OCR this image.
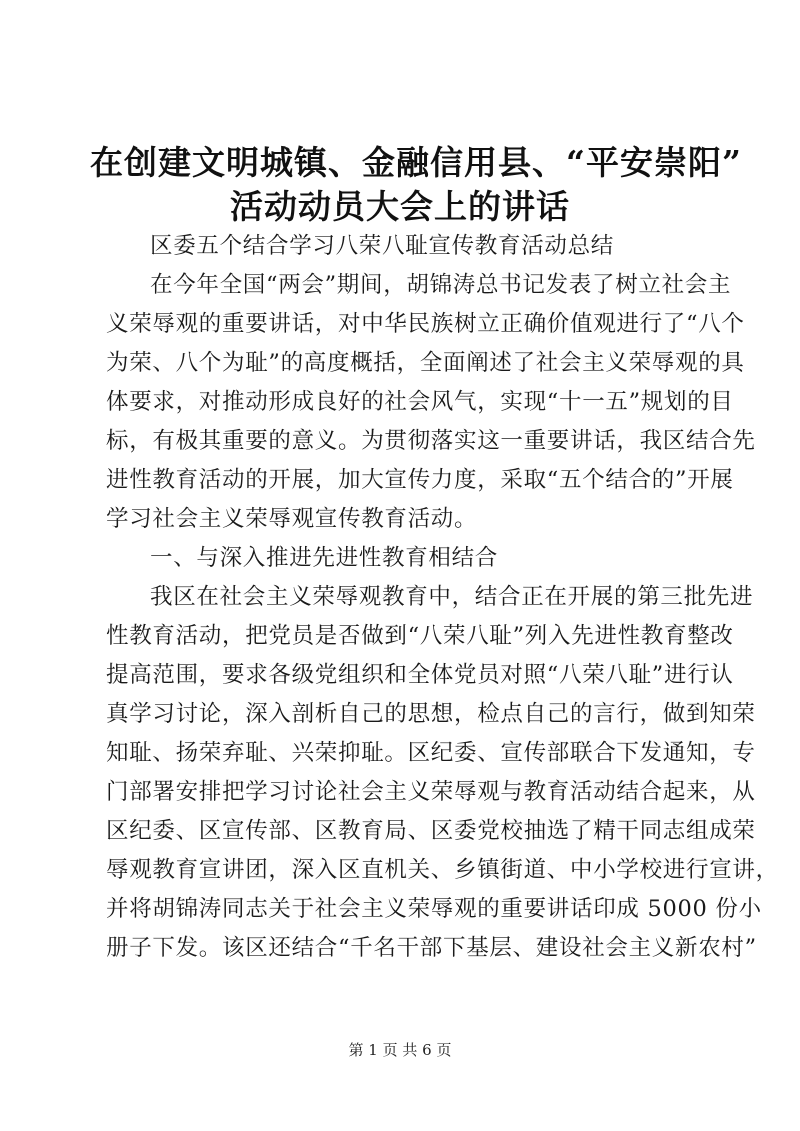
在创建文明城镇、金融信用县、“平安崇阳”
活动动员大会上的讲话
区委五个结合学习八荣八耻宣传教育活动总结
在今年全国“两会”期间，胡锦涛总书记发表了树立社会主
义荣辱观的重要讲话，对中华民族树立正确价值观进行了“八个
为荣、八个为耻”的高度概括，全面阐述了社会主义荣辱观的具
体要求，对推动形成良好的社会风气，实现“十一五”规划的目
标，有极其重要的意义。为贯彻落实这一重要讲话，我区结合先
进性教育活动的开展，加大宣传力度，采取“五个结合的”开展
学习社会主义荣辱观宣传教育活动。
一、与深入推进先进性教育相结合
我区在社会主义荣辱观教育中，结合正在开展的第三批先进
性教育活动，把党员是否做到“八荣八耻”列入先进性教育整改
提高范围，要求各级党组织和全体党员对照“八荣八耻”进行认
真学习讨论，深入剖析自己的思想，检点自己的言行，做到知荣
知耻、扬荣弃耻、兴荣抑耻。区纪委、宣传部联合下发通知，专
门部署安排把学习讨论社会主义荣辱观与教育活动结合起来，从
区纪委、区宣传部、区教育局、区委党校抽选了精干同志组成荣
辱观教育宣讲团，深入区直机关、乡镇街道、中小学校进行宣讲，
并将胡锦涛同志关于社会主义荣辱观的重要讲话印成 5000 份小
册子下发。该区还结合“千名干部下基层、建设社会主义新农村”
第 1 页 共 6 页
